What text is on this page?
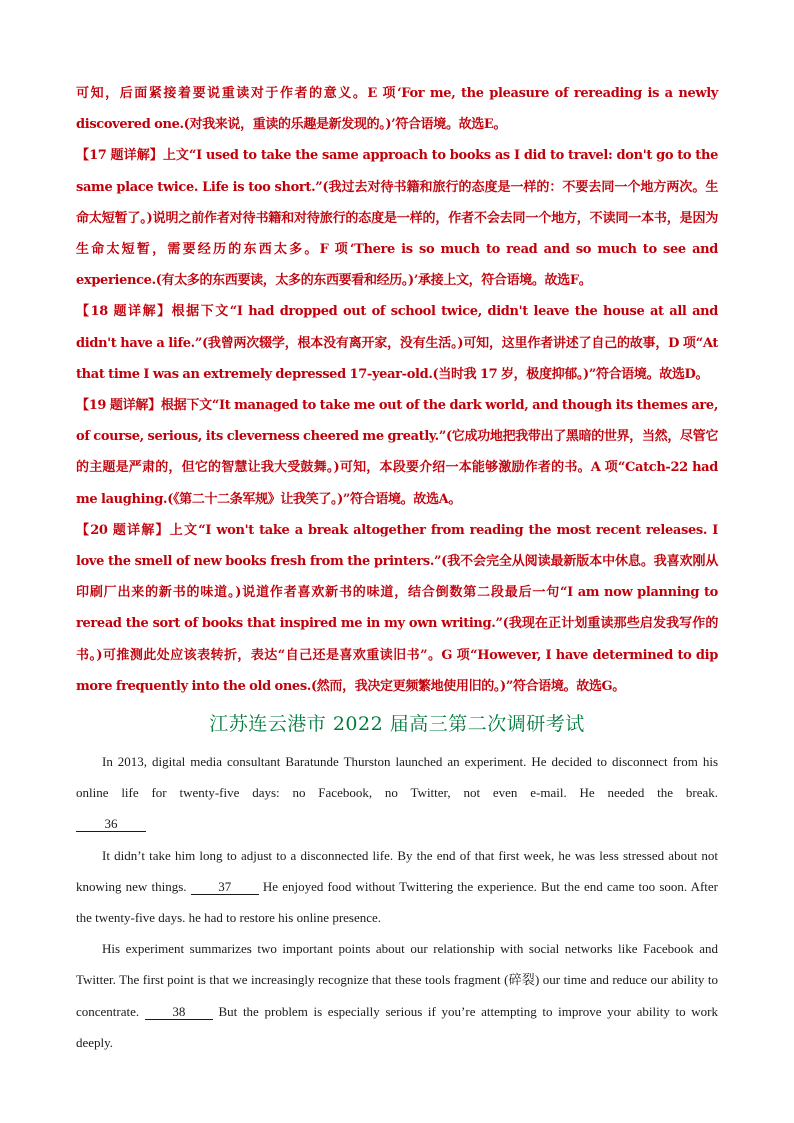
可知，后面紧接着要说重读对于作者的意义。E 项‘For me, the pleasure of rereading is a newly discovered one.(对我来说，重读的乐趣是新发现的。)’符合语境。故选E。

【17 题详解】上文“I used to take the same approach to books as I did to travel: don't go to the same place twice. Life is too short.”(我过去对待书籍和旅行的态度是一样的：不要去同一个地方两次。生命太短暂了。)说明之前作者对待书籍和对待旅行的态度是一样的，作者不会去同一个地方，不读同一本书，是因为生命太短暂，需要经历的东西太多。F 项‘There is so much to read and so much to see and experience.(有太多的东西要读，太多的东西要看和经历。)’承接上文，符合语境。故选F。

【18 题详解】根据下文“I had dropped out of school twice, didn't leave the house at all and didn't have a life.”(我曾两次辍学，根本没有离开家，没有生活。)可知，这里作者讲述了自己的故事，D 项“At that time I was an extremely depressed 17-year-old.(当时我 17 岁，极度抑郁。)”符合语境。故选D。

【19 题详解】根据下文“It managed to take me out of the dark world, and though its themes are, of course, serious, its cleverness cheered me greatly.”(它成功地把我带出了黑暗的世界，当然，尽管它的主题是严肃的，但它的智慧让我大受鼓舞。)可知，本段要介绍一本能够激励作者的书。A 项“Catch-22 had me laughing.(《第二十二条军规》让我笑了。)”符合语境。故选A。

【20 题详解】上文“I won't take a break altogether from reading the most recent releases. I love the smell of new books fresh from the printers.”(我不会完全从阅读最新版本中休息。我喜欢刚从印刷厂出来的新书的味道。)说道作者喜欢新书的味道，结合倒数第二段最后一句“I am now planning to reread the sort of books that inspired me in my own writing.”(我现在正计划重读那些启发我写作的书。)可推测此处应该表转折，表达“自己还是喜欢重读旧书”。G 项“However, I have determined to dip more frequently into the old ones.(然而，我决定更频繁地使用旧的。)”符合语境。故选G。

江苏连云港市 2022 届高三第二次调研考试

In 2013, digital media consultant Baratunde Thurston launched an experiment. He decided to disconnect from his online life for twenty-five days: no Facebook, no Twitter, not even e-mail. He needed the break.

36

It didn’t take him long to adjust to a disconnected life. By the end of that first week, he was less stressed about not knowing new things. 37 He enjoyed food without Twittering the experience. But the end came too soon. After the twenty-five days. he had to restore his online presence.

His experiment summarizes two important points about our relationship with social networks like Facebook and Twitter. The first point is that we increasingly recognize that these tools fragment (碎裂) our time and reduce our ability to concentrate.	38	But the problem is especially serious if you’re attempting to improve your ability to work deeply.
